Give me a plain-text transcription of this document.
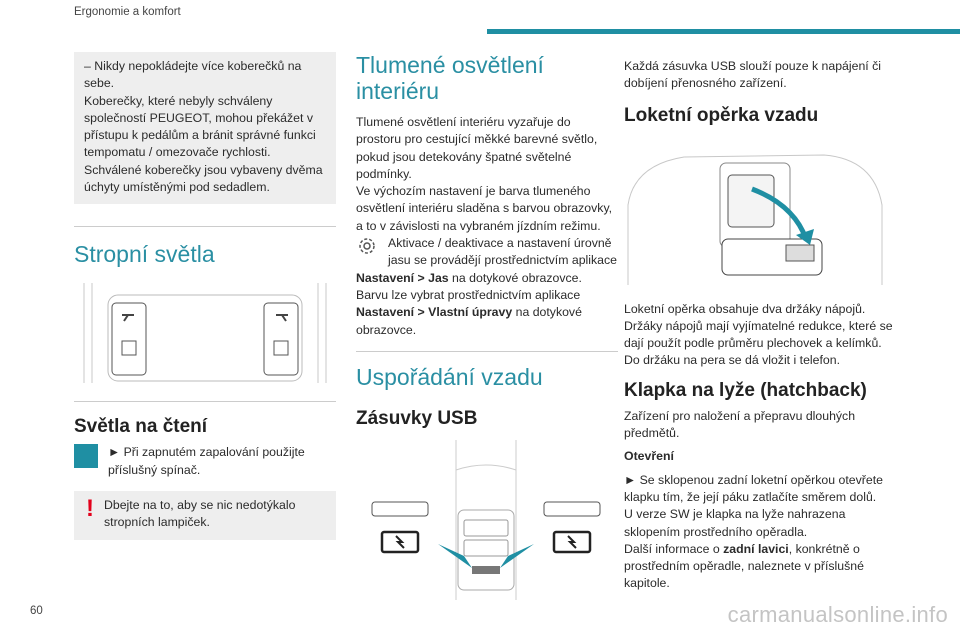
Ergonomie a komfort

– Nikdy nepokládejte více koberečků na sebe.

Koberečky, které nebyly schváleny společností PEUGEOT, mohou překážet v přístupu k pedálům a bránit správné funkci tempomatu / omezovače rychlosti.

Schválené koberečky jsou vybaveny dvěma úchyty umístěnými pod sedadlem.

Stropní světla
Světla na čtení

► Při zapnutém zapalování použijte příslušný spínač.

! Dbejte na to, aby se nic nedotýkalo stropních lampiček.

Tlumené osvětlení interiéru

Tlumené osvětlení interiéru vyzařuje do prostoru pro cestující měkké barevné světlo, pokud jsou detekovány špatné světelné podmínky.

Ve výchozím nastavení je barva tlumeného osvětlení interiéru sladěna s barvou obrazovky, a to v závislosti na vybraném jízdním režimu.

Aktivace / deaktivace a nastavení úrovně jasu se provádějí prostřednictvím aplikace

Nastavení > Jas na dotykové obrazovce.

Barvu lze vybrat prostřednictvím aplikace

Nastavení > Vlastní úpravy na dotykové obrazovce.

Uspořádání vzadu
Zásuvky USB

Každá zásuvka USB slouží pouze k napájení či dobíjení přenosného zařízení.

Loketní opěrka vzadu

Loketní opěrka obsahuje dva držáky nápojů.

Držáky nápojů mají vyjímatelné redukce, které se dají použít podle průměru plechovek a kelímků.

Do držáku na pera se dá vložit i telefon.

Klapka na lyže (hatchback)

Zařízení pro naložení a přepravu dlouhých předmětů.

Otevření

► Se sklopenou zadní loketní opěrkou otevřete klapku tím, že její páku zatlačíte směrem dolů.

U verze SW je klapka na lyže nahrazena sklopením prostředního opěradla.

Další informace o zadní lavici, konkrétně o prostředním opěradle, naleznete v příslušné kapitole.

60	carmanualsonline.info
